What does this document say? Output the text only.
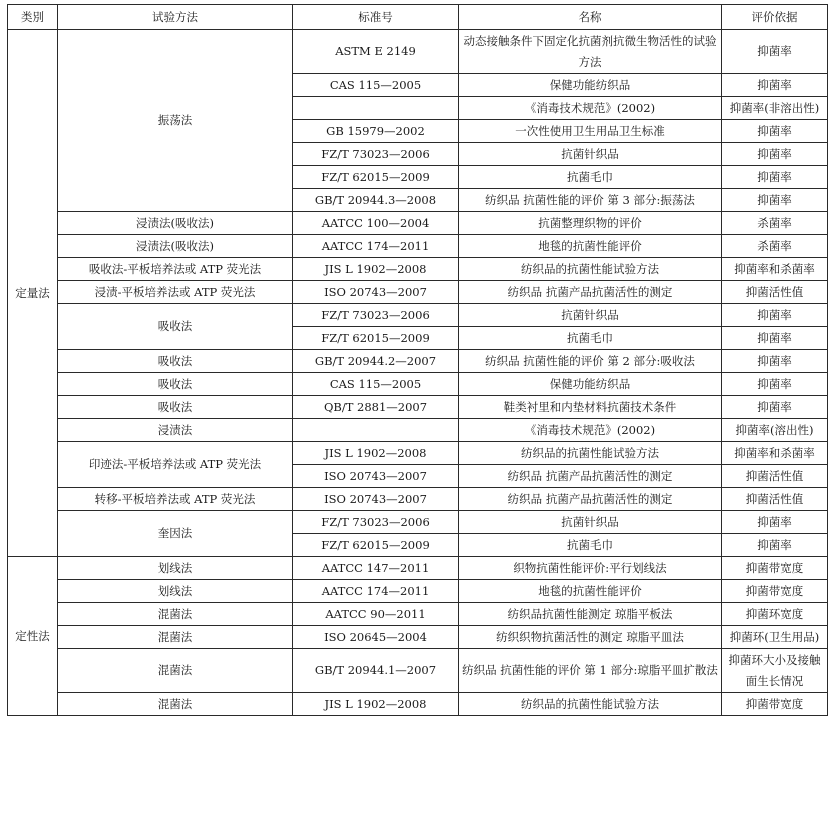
类別	试验方法	标准号	名称	评价依据
定量法	振荡法	ASTM E 2149	动态接触条件下固定化抗菌剂抗微生物活性的试验方法	抑菌率
		CAS 115—2005	保健功能纺织品	抑菌率
			《消毒技术规范》(2002)	抑菌率(非溶出性)
		GB 15979—2002	一次性使用卫生用品卫生标准	抑菌率
		FZ/T 73023—2006	抗菌针织品	抑菌率
		FZ/T 62015—2009	抗菌毛巾	抑菌率
		GB/T 20944.3—2008	纺织品 抗菌性能的评价 第 3 部分:振荡法	抑菌率
	浸渍法(吸收法)	AATCC 100—2004	抗菌整理织物的评价	杀菌率
	浸渍法(吸收法)	AATCC 174—2011	地毯的抗菌性能评价	杀菌率
	吸收法-平板培养法或 ATP 荧光法	JIS L 1902—2008	纺织品的抗菌性能试验方法	抑菌率和杀菌率
	浸渍-平板培养法或 ATP 荧光法	ISO 20743—2007	纺织品 抗菌产品抗菌活性的测定	抑菌活性值
	吸收法	FZ/T 73023—2006	抗菌针织品	抑菌率
		FZ/T 62015—2009	抗菌毛巾	抑菌率
	吸收法	GB/T 20944.2—2007	纺织品 抗菌性能的评价 第 2 部分:吸收法	抑菌率
	吸收法	CAS 115—2005	保健功能纺织品	抑菌率
	吸收法	QB/T 2881—2007	鞋类衬里和内垫材料抗菌技术条件	抑菌率
	浸渍法		《消毒技术规范》(2002)	抑菌率(溶出性)
	印迹法-平板培养法或 ATP 荧光法	JIS L 1902—2008	纺织品的抗菌性能试验方法	抑菌率和杀菌率
		ISO 20743—2007	纺织品 抗菌产品抗菌活性的测定	抑菌活性值
	转移-平板培养法或 ATP 荧光法	ISO 20743—2007	纺织品 抗菌产品抗菌活性的测定	抑菌活性值
	奎因法	FZ/T 73023—2006	抗菌针织品	抑菌率
		FZ/T 62015—2009	抗菌毛巾	抑菌率
定性法	划线法	AATCC 147—2011	织物抗菌性能评价:平行划线法	抑菌带宽度
	划线法	AATCC 174—2011	地毯的抗菌性能评价	抑菌带宽度
	混菌法	AATCC 90—2011	纺织品抗菌性能测定 琼脂平板法	抑菌环宽度
	混菌法	ISO 20645—2004	纺织织物抗菌活性的测定 琼脂平皿法	抑菌环(卫生用品)
	混菌法	GB/T 20944.1—2007	纺织品 抗菌性能的评价 第 1 部分:琼脂平皿扩散法	抑菌环大小及接触面生长情况
	混菌法	JIS L 1902—2008	纺织品的抗菌性能试验方法	抑菌带宽度
